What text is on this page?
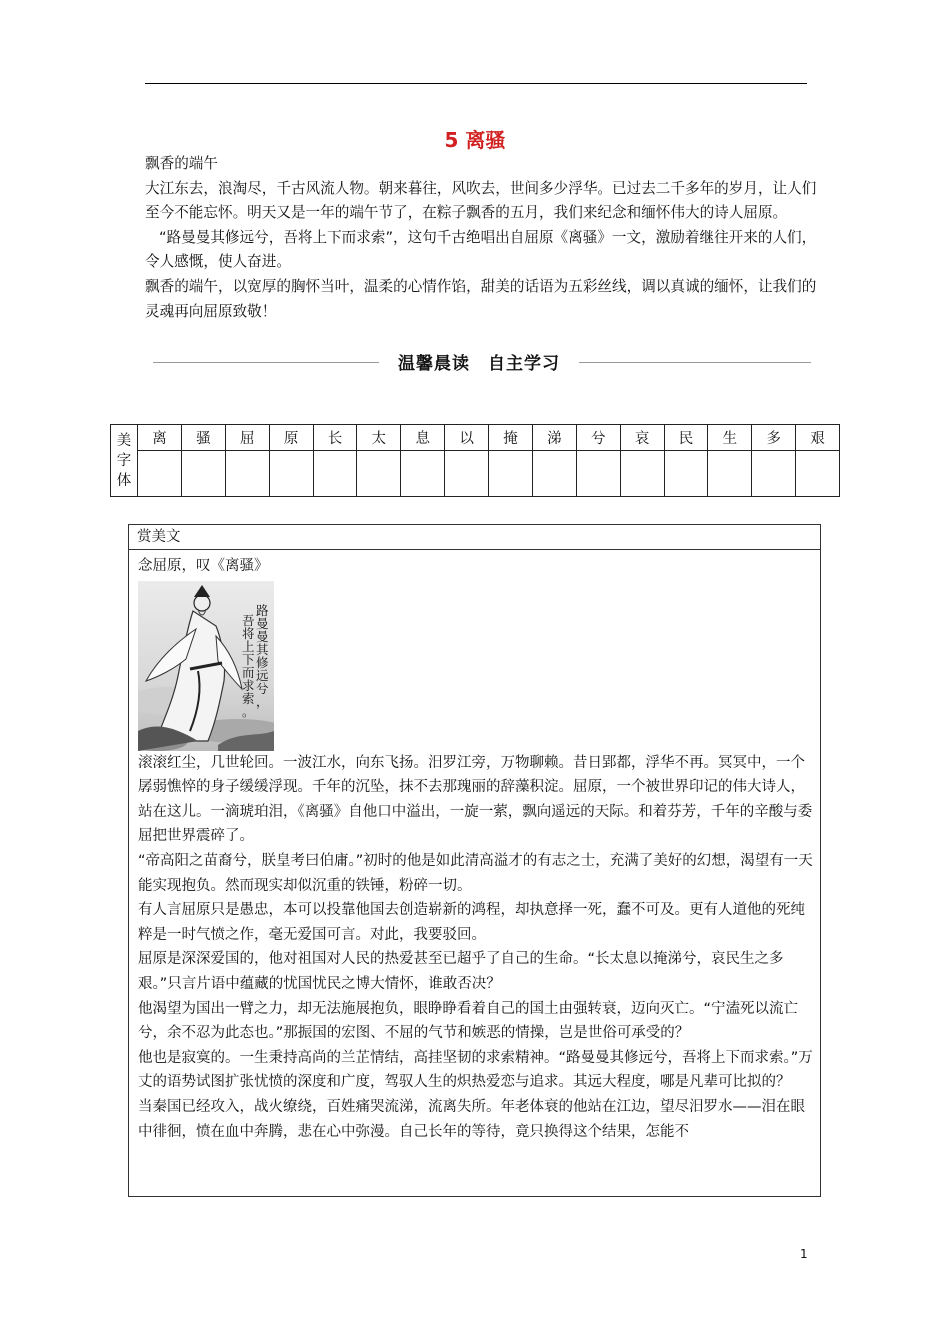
5 离骚

飘香的端午

大江东去，浪淘尽，千古风流人物。朝来暮往，风吹去，世间多少浮华。已过去二千多年的岁月，让人们至今不能忘怀。明天又是一年的端午节了，在粽子飘香的五月，我们来纪念和缅怀伟大的诗人屈原。

“路曼曼其修远兮，吾将上下而求索”，这句千古绝唱出自屈原《离骚》一文，激励着继往开来的人们，令人感慨，使人奋进。

飘香的端午，以宽厚的胸怀当叶，温柔的心情作馅，甜美的话语为五彩丝线，调以真诚的缅怀，让我们的灵魂再向屈原致敬！

温馨晨读　自主学习
美字体	离	骚	屈	原	长	太	息	以	掩	涕	兮	哀	民	生	多	艰

赏美文

念屈原，叹《离骚》

路曼曼其修远兮，
吾将上下而求索。

滚滚红尘，几世轮回。一波江水，向东飞扬。汨罗江旁，万物聊赖。昔日郢都，浮华不再。冥冥中，一个孱弱憔悴的身子缓缓浮现。千年的沉坠，抹不去那瑰丽的辞藻积淀。屈原，一个被世界印记的伟大诗人，站在这儿。一滴琥珀泪，《离骚》自他口中溢出，一旋一萦，飘向遥远的天际。和着芬芳，千年的辛酸与委屈把世界震碎了。

“帝高阳之苗裔兮，朕皇考曰伯庸。”初时的他是如此清高溢才的有志之士，充满了美好的幻想，渴望有一天能实现抱负。然而现实却似沉重的铁锤，粉碎一切。

有人言屈原只是愚忠，本可以投靠他国去创造崭新的鸿程，却执意择一死，蠢不可及。更有人道他的死纯粹是一时气愤之作，毫无爱国可言。对此，我要驳回。

屈原是深深爱国的，他对祖国对人民的热爱甚至已超乎了自己的生命。“长太息以掩涕兮，哀民生之多艰。”只言片语中蕴藏的忧国忧民之博大情怀，谁敢否决？

他渴望为国出一臂之力，却无法施展抱负，眼睁睁看着自己的国土由强转衰，迈向灭亡。“宁溘死以流亡兮，余不忍为此态也。”那振国的宏图、不屈的气节和嫉恶的情操，岂是世俗可承受的？

他也是寂寞的。一生秉持高尚的兰芷情结，高挂坚韧的求索精神。“路曼曼其修远兮，吾将上下而求索。”万丈的语势试图扩张忧愤的深度和广度，驾驭人生的炽热爱恋与追求。其远大程度，哪是凡辈可比拟的？

当秦国已经攻入，战火缭绕，百姓痛哭流涕，流离失所。年老体衰的他站在江边，望尽汨罗水——泪在眼中徘徊，愤在血中奔腾，悲在心中弥漫。自己长年的等待，竟只换得这个结果，怎能不

1
